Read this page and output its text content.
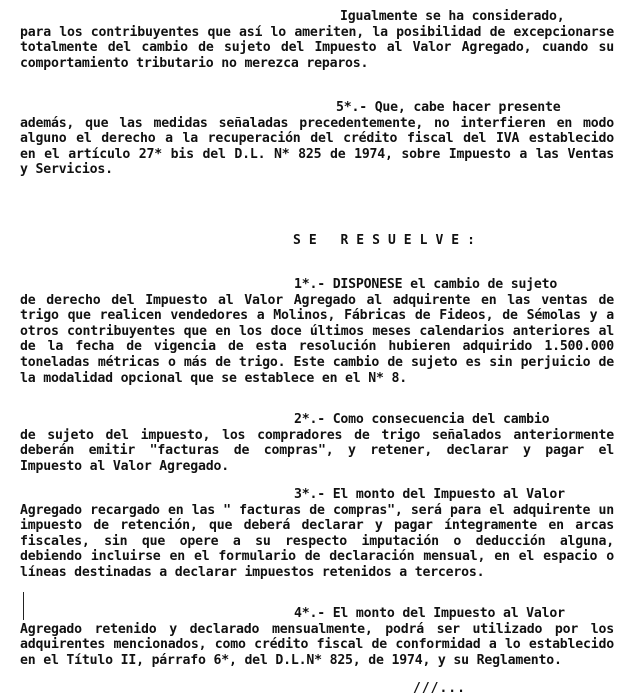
Igualmente se ha considerado,
para los contribuyentes que así lo ameriten, la posibilidad de excepcionarse totalmente del cambio de sujeto del Impuesto al Valor Agregado, cuando su comportamiento tributario no merezca reparos.
5*.- Que, cabe hacer presente
además, que las medidas señaladas precedentemente, no interfieren en modo alguno el derecho a la recuperación del crédito fiscal del IVA establecido en el artículo 27* bis del D.L. N* 825 de 1974, sobre Impuesto a las Ventas y Servicios.
SE RESUELVE:
1*.- DISPONESE el cambio de sujeto
de derecho del Impuesto al Valor Agregado al adquirente en las ventas de trigo que realicen vendedores a Molinos, Fábricas de Fideos, de Sémolas y a otros contribuyentes que en los doce últimos meses calendarios anteriores al de la fecha de vigencia de esta resolución hubieren adquirido 1.500.000 toneladas métricas o más de trigo. Este cambio de sujeto es sin perjuicio de la modalidad opcional que se establece en el N* 8.
2*.- Como consecuencia del cambio
de sujeto del impuesto, los compradores de trigo señalados anteriormente deberán emitir "facturas de compras", y retener, declarar y pagar el Impuesto al Valor Agregado.
3*.- El monto del Impuesto al Valor
Agregado recargado en las " facturas de compras", será para el adquirente un impuesto de retención, que deberá declarar y pagar íntegramente en arcas fiscales, sin que opere a su respecto imputación o deducción alguna, debiendo incluirse en el formulario de declaración mensual, en el espacio o líneas destinadas a declarar impuestos retenidos a terceros.
4*.- El monto del Impuesto al Valor
Agregado retenido y declarado mensualmente, podrá ser utilizado por los adquirentes mencionados, como crédito fiscal de conformidad a lo establecido en el Título II, párrafo 6*, del D.L.N* 825, de 1974, y su Reglamento.
///...
